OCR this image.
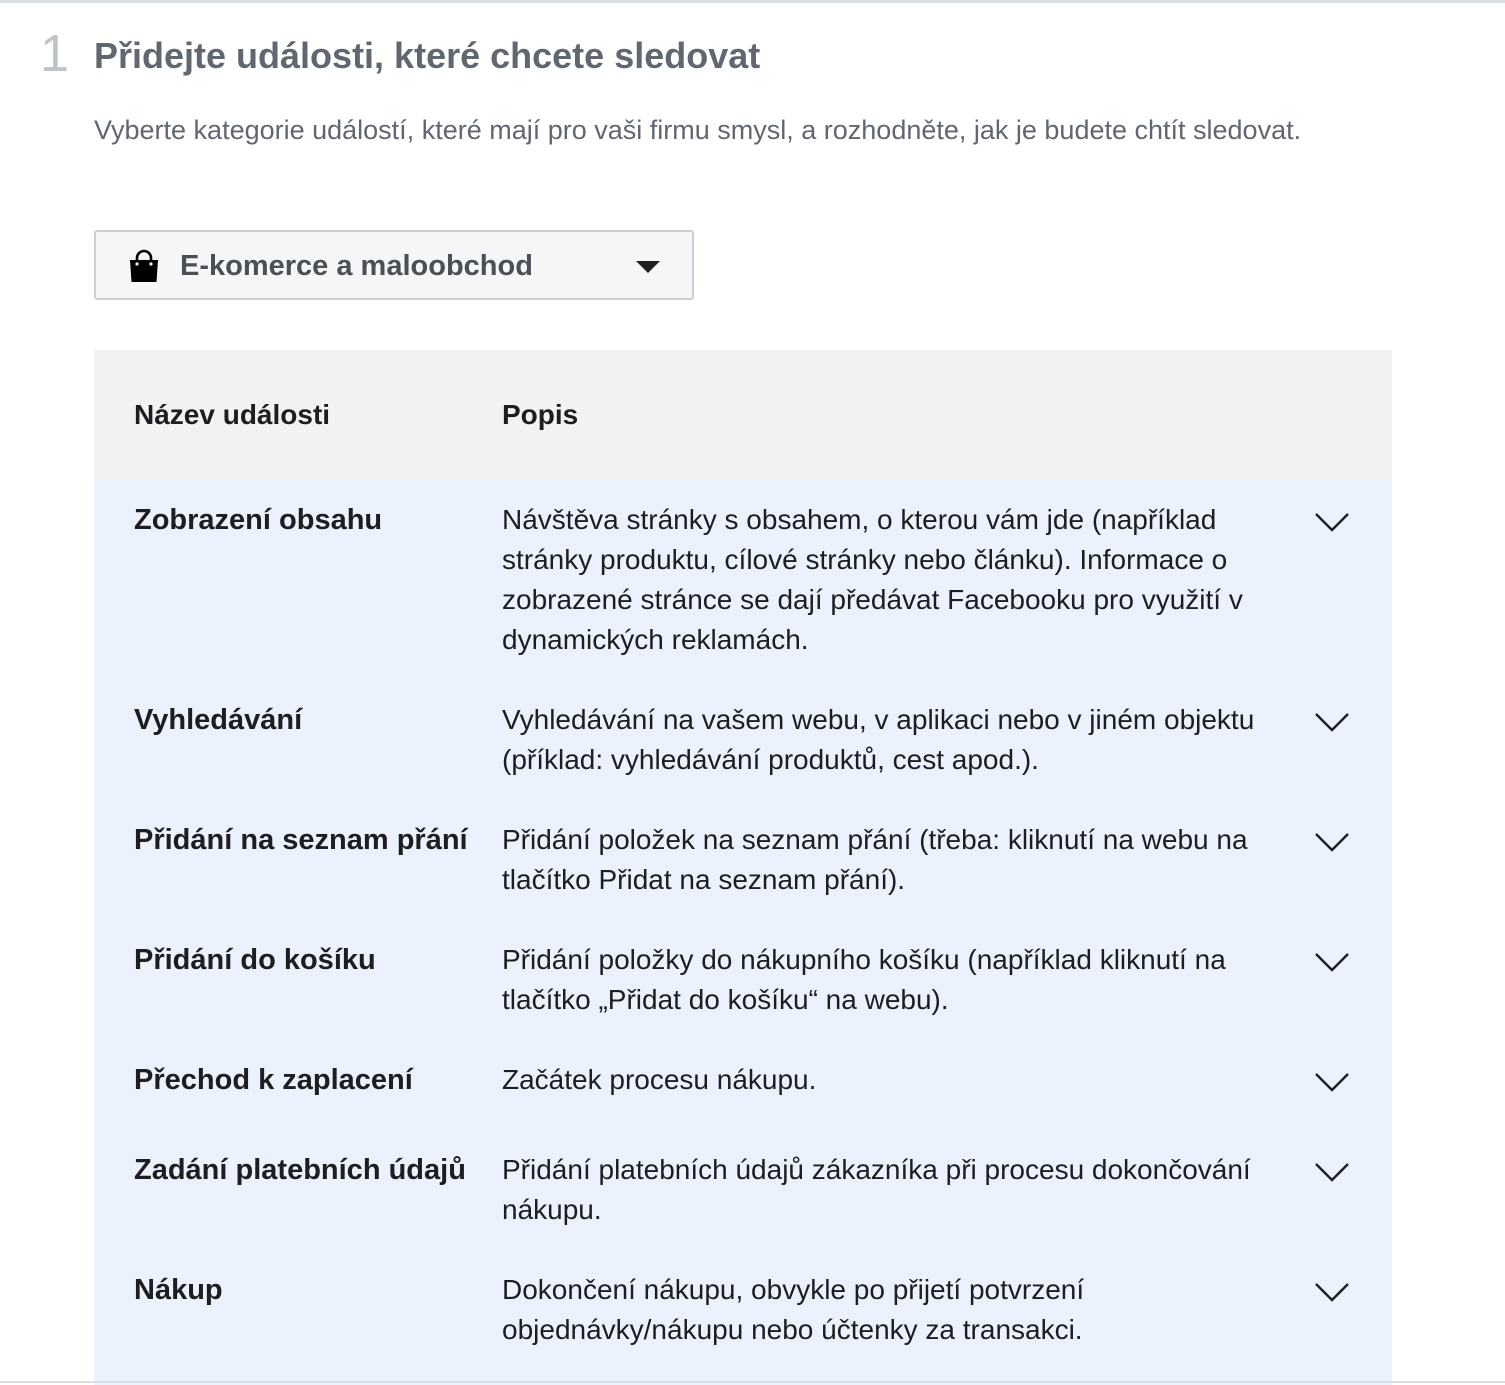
1 Přidejte události, které chcete sledovat

Vyberte kategorie událostí, které mají pro vaši firmu smysl, a rozhodněte, jak je budete chtít sledovat.

E-komerce a maloobchod
Název události	Popis
Zobrazení obsahu	Návštěva stránky s obsahem, o kterou vám jde (například stránky produktu, cílové stránky nebo článku). Informace o zobrazené stránce se dají předávat Facebooku pro využití v dynamických reklamách.
Vyhledávání	Vyhledávání na vašem webu, v aplikaci nebo v jiném objektu (příklad: vyhledávání produktů, cest apod.).
Přidání na seznam přání	Přidání položek na seznam přání (třeba: kliknutí na webu na tlačítko Přidat na seznam přání).
Přidání do košíku	Přidání položky do nákupního košíku (například kliknutí na tlačítko „Přidat do košíku“ na webu).
Přechod k zaplacení	Začátek procesu nákupu.
Zadání platebních údajů	Přidání platebních údajů zákazníka při procesu dokončování nákupu.
Nákup	Dokončení nákupu, obvykle po přijetí potvrzení objednávky/nákupu nebo účtenky za transakci.
